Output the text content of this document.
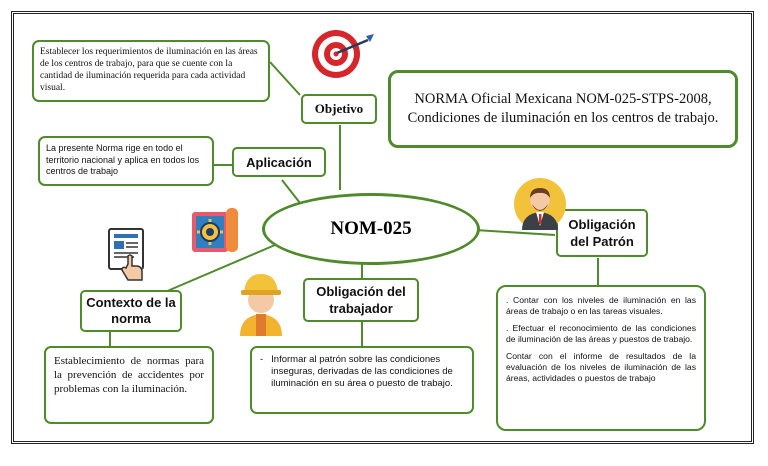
NOM-025
NORMA Oficial Mexicana NOM-025-STPS-2008, Condiciones de iluminación en los centros de trabajo.
Establecer los requerimientos de iluminación en las áreas de los centros de trabajo, para que se cuente con la cantidad de iluminación requerida para cada actividad visual.
Objetivo
La presente Norma rige en todo el territorio nacional y aplica en todos los centros de trabajo
Aplicación
Contexto de la norma
Establecimiento de normas para la prevención de accidentes por problemas con la iluminación.
Obligación del trabajador
- Informar al patrón sobre las condiciones inseguras, derivadas de las condiciones de iluminación en su área o puesto de trabajo.
Obligación del Patrón

. Contar con los niveles de iluminación en las áreas de trabajo o en las tareas visuales.

. Efectuar el reconocimiento de las condiciones de iluminación de las áreas y puestos de trabajo.

Contar con el informe de resultados de la evaluación de los niveles de iluminación de las áreas, actividades o puestos de trabajo
